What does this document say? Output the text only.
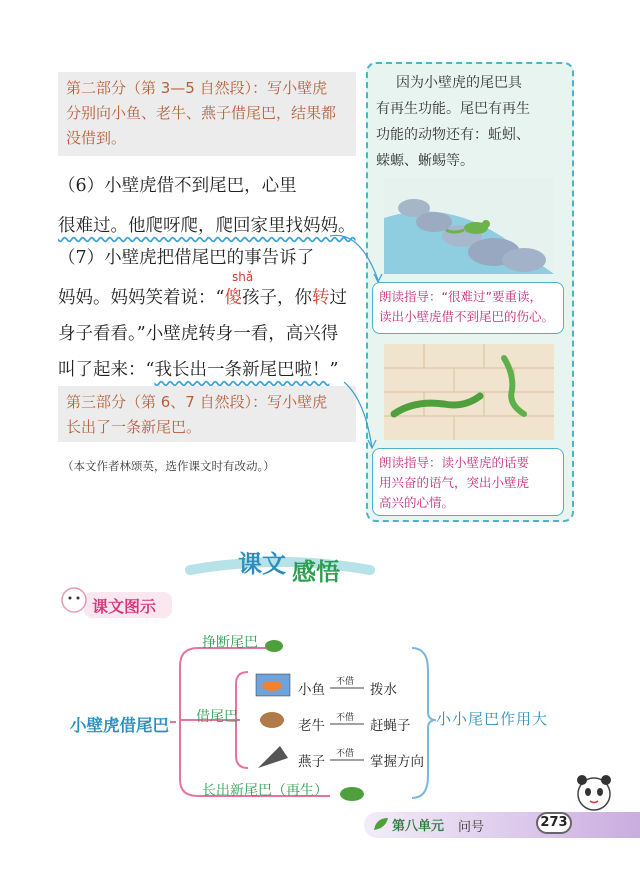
第二部分（第 3—5 自然段）：写小壁虎
分别向小鱼、老牛、燕子借尾巴，结果都
没借到。
（6）小壁虎借不到尾巴，心里
很难过。他爬呀爬，爬回家里找妈妈。
（7）小壁虎把借尾巴的事告诉了
shǎ
妈妈。妈妈笑着说：“傻孩子，你转过
身子看看。”小壁虎转身一看，高兴得
叫了起来：“我长出一条新尾巴啦！”
第三部分（第 6、7 自然段）：写小壁虎
长出了一条新尾巴。
（本文作者林颂英，选作课文时有改动。）
因为小壁虎的尾巴具
有再生功能。尾巴有再生
功能的动物还有：蚯蚓、
蝾螈、蜥蜴等。
朗读指导：“很难过”要重读，
读出小壁虎借不到尾巴的伤心。
朗读指导：读小壁虎的话要
用兴奋的语气，突出小壁虎
高兴的心情。
课文 感悟
课文图示
小壁虎借尾巴
挣断尾巴
借尾巴
长出新尾巴（再生）
小鱼 不借 拨水
老牛 不借 赶蝇子
燕子 不借 掌握方向
小小尾巴作用大
第八单元 问号	273
